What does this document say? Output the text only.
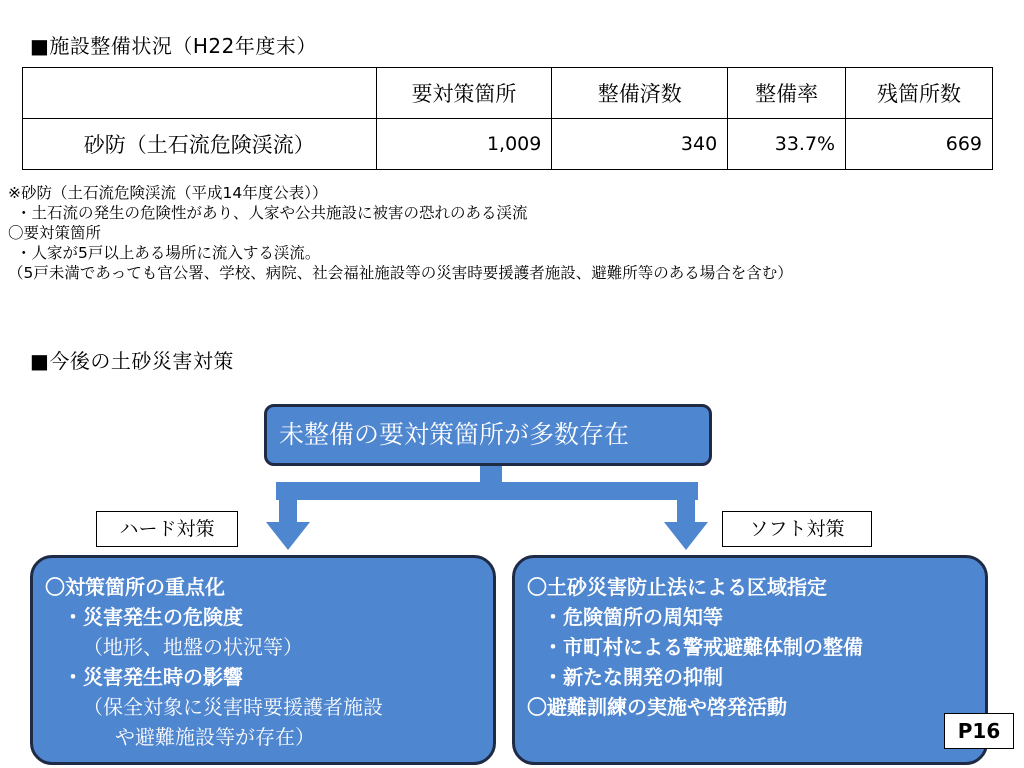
■施設整備状況（H22年度末）
	要対策箇所	整備済数	整備率	残箇所数
砂防（土石流危険渓流）	1,009	340	33.7%	669
※砂防（土石流危険渓流（平成14年度公表））
・土石流の発生の危険性があり、人家や公共施設に被害の恐れのある渓流
〇要対策箇所
・人家が5戸以上ある場所に流入する渓流。
（5戸未満であっても官公署、学校、病院、社会福祉施設等の災害時要援護者施設、避難所等のある場合を含む）
■今後の土砂災害対策
未整備の要対策箇所が多数存在
ハード対策	ソフト対策
〇対策箇所の重点化
・災害発生の危険度
（地形、地盤の状況等）
・災害発生時の影響
（保全対象に災害時要援護者施設
や避難施設等が存在）
〇土砂災害防止法による区域指定
・危険箇所の周知等
・市町村による警戒避難体制の整備
・新たな開発の抑制
〇避難訓練の実施や啓発活動
P16
